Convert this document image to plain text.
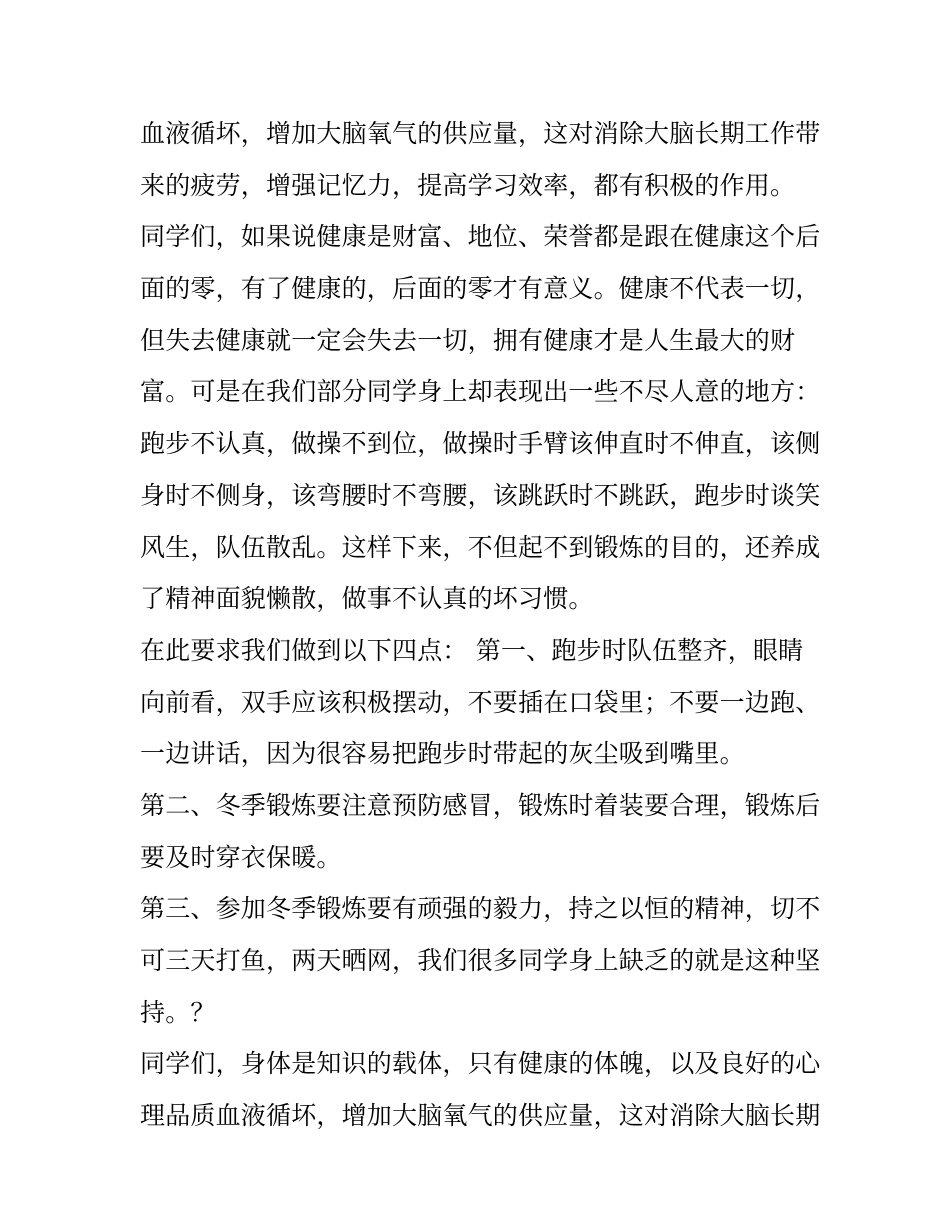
血液循坏，增加大脑氧气的供应量，这对消除大脑长期工作带
来的疲劳，增强记忆力，提高学习效率，都有积极的作用。
同学们，如果说健康是财富、地位、荣誉都是跟在健康这个后
面的零，有了健康的，后面的零才有意义。健康不代表一切，
但失去健康就一定会失去一切，拥有健康才是人生最大的财
富。可是在我们部分同学身上却表现出一些不尽人意的地方：
跑步不认真，做操不到位，做操时手臂该伸直时不伸直，该侧
身时不侧身，该弯腰时不弯腰，该跳跃时不跳跃，跑步时谈笑
风生，队伍散乱。这样下来，不但起不到锻炼的目的，还养成
了精神面貌懒散，做事不认真的坏习惯。
在此要求我们做到以下四点： 第一、跑步时队伍整齐，眼睛
向前看，双手应该积极摆动，不要插在口袋里；不要一边跑、
一边讲话，因为很容易把跑步时带起的灰尘吸到嘴里。
第二、冬季锻炼要注意预防感冒，锻炼时着装要合理，锻炼后
要及时穿衣保暖。
第三、参加冬季锻炼要有顽强的毅力，持之以恒的精神，切不
可三天打鱼，两天晒网，我们很多同学身上缺乏的就是这种坚
持。？
同学们，身体是知识的载体，只有健康的体魄，以及良好的心
理品质血液循坏，增加大脑氧气的供应量，这对消除大脑长期
